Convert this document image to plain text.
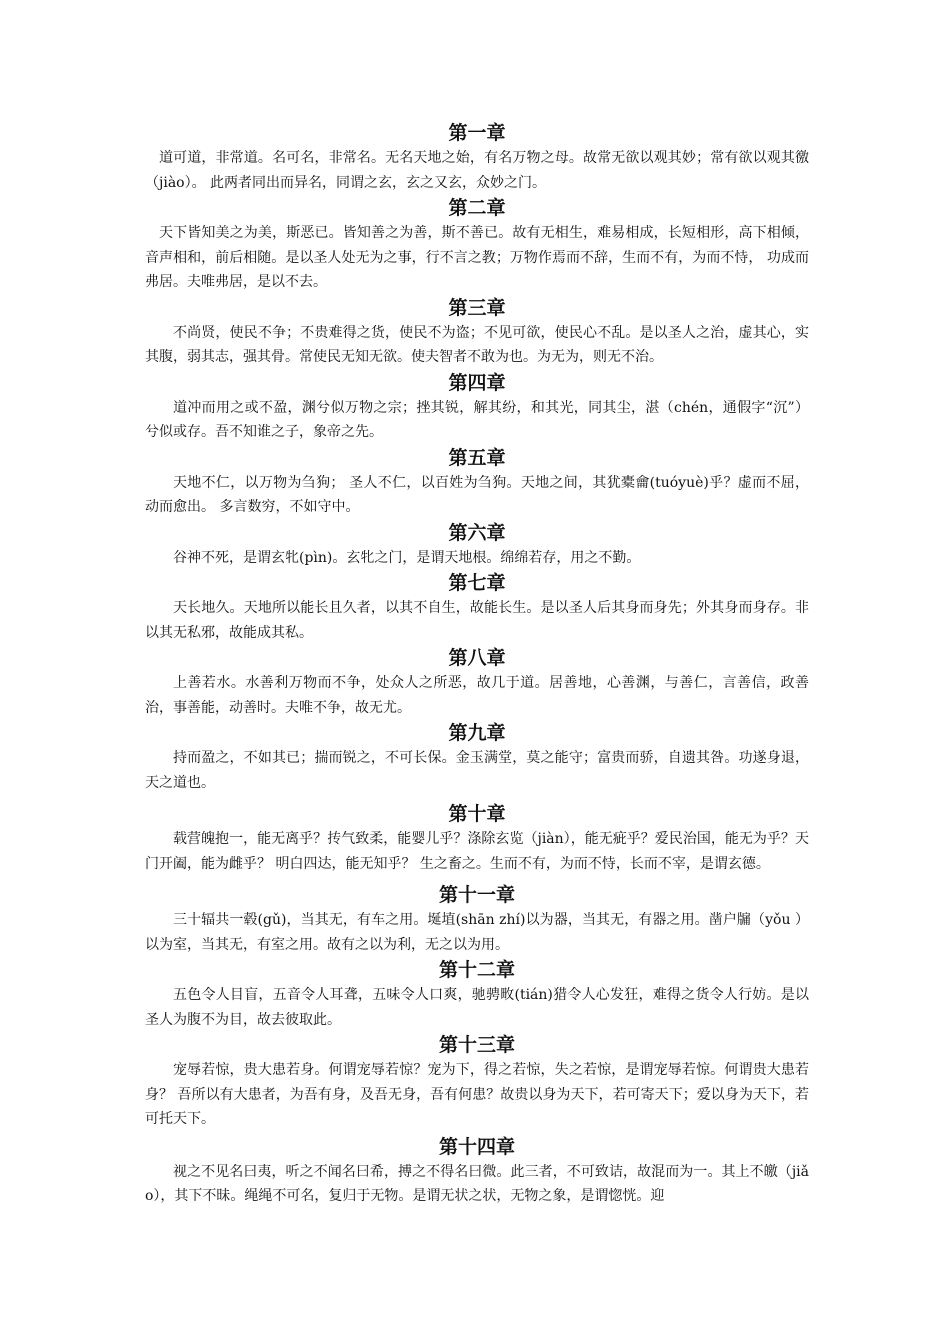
第一章

道可道，非常道。名可名，非常名。无名天地之始，有名万物之母。故常无欲以观其妙；常有欲以观其徼（jiào）。 此两者同出而异名，同谓之玄，玄之又玄，众妙之门。

第二章

天下皆知美之为美，斯恶已。皆知善之为善，斯不善已。故有无相生，难易相成，长短相形，高下相倾，音声相和，前后相随。是以圣人处无为之事，行不言之教；万物作焉而不辞，生而不有，为而不恃， 功成而弗居。夫唯弗居，是以不去。

第三章

不尚贤，使民不争；不贵难得之货，使民不为盗；不见可欲，使民心不乱。是以圣人之治，虚其心，实其腹，弱其志，强其骨。常使民无知无欲。使夫智者不敢为也。为无为，则无不治。

第四章

道冲而用之或不盈，渊兮似万物之宗；挫其锐，解其纷，和其光，同其尘，湛（chén，通假字“沉”）兮似或存。吾不知谁之子，象帝之先。

第五章

天地不仁，以万物为刍狗； 圣人不仁，以百姓为刍狗。天地之间，其犹橐龠(tuóyuè)乎？虚而不屈，动而愈出。 多言数穷，不如守中。

第六章

谷神不死，是谓玄牝(pìn)。玄牝之门，是谓天地根。绵绵若存，用之不勤。

第七章

天长地久。天地所以能长且久者，以其不自生，故能长生。是以圣人后其身而身先；外其身而身存。非以其无私邪，故能成其私。

第八章

上善若水。水善利万物而不争，处众人之所恶，故几于道。居善地，心善渊，与善仁，言善信，政善治，事善能，动善时。夫唯不争，故无尤。

第九章

持而盈之，不如其已；揣而锐之，不可长保。金玉满堂，莫之能守；富贵而骄，自遗其咎。功遂身退，天之道也。

第十章

载营魄抱一，能无离乎？抟气致柔，能婴儿乎？涤除玄览（jiàn），能无疵乎？爱民治国，能无为乎？天门开阖，能为雌乎？ 明白四达，能无知乎？ 生之畜之。生而不有，为而不恃，长而不宰，是谓玄德。

第十一章

三十辐共一毂(gǔ)，当其无，有车之用。埏埴(shān zhí)以为器，当其无，有器之用。凿户牖（yǒu ）以为室，当其无，有室之用。故有之以为利，无之以为用。

第十二章

五色令人目盲，五音令人耳聋，五味令人口爽，驰骋畋(tián)猎令人心发狂，难得之货令人行妨。是以圣人为腹不为目，故去彼取此。

第十三章

宠辱若惊，贵大患若身。何谓宠辱若惊？宠为下，得之若惊，失之若惊，是谓宠辱若惊。何谓贵大患若身？ 吾所以有大患者，为吾有身，及吾无身，吾有何患？故贵以身为天下，若可寄天下；爱以身为天下，若可托天下。

第十四章

视之不见名曰夷，听之不闻名曰希，搏之不得名曰微。此三者，不可致诘，故混而为一。其上不皦（jiǎo），其下不昧。绳绳不可名，复归于无物。是谓无状之状，无物之象，是谓惚恍。迎
